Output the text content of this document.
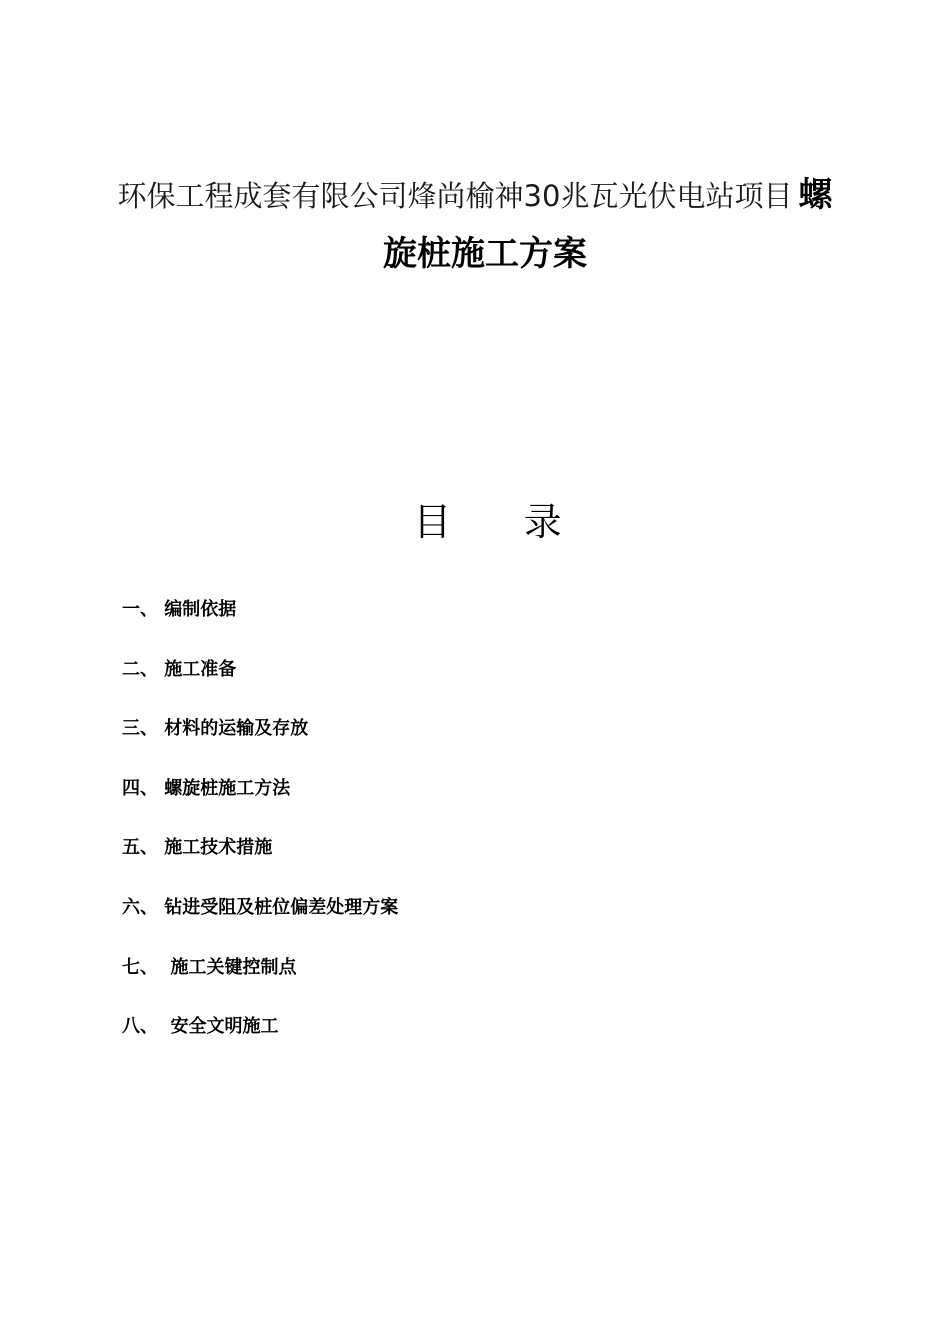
环保工程成套有限公司烽尚榆神30兆瓦光伏电站项目 螺
旋桩施工方案
目      录
一、 编制依据
二、 施工准备
三、 材料的运输及存放
四、 螺旋桩施工方法
五、 施工技术措施
六、 钻进受阻及桩位偏差处理方案
七、  施工关键控制点
八、  安全文明施工
